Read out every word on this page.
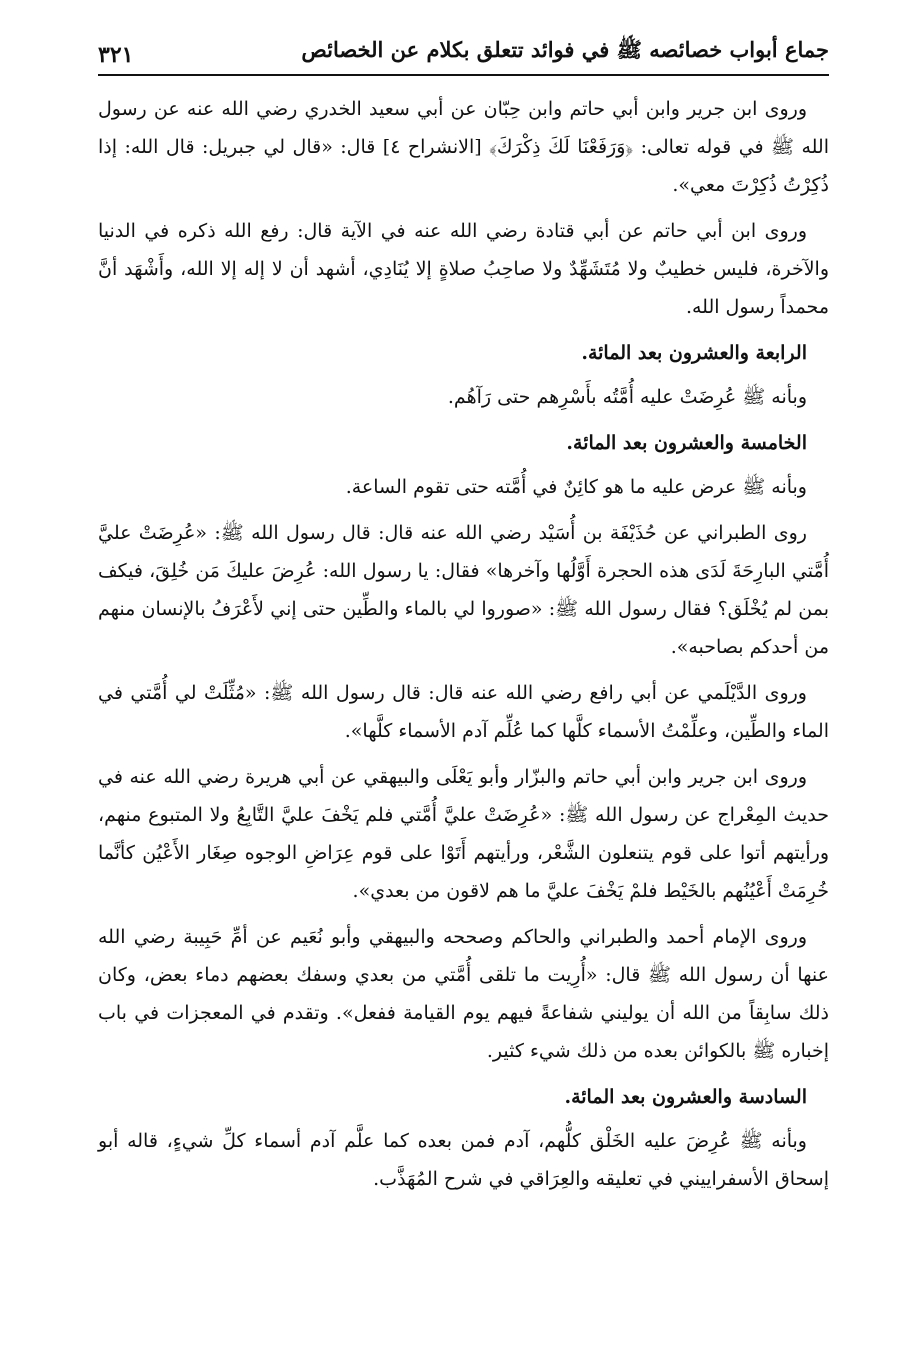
جماع أبواب خصائصه ﷺ في فوائد تتعلق بكلام عن الخصائص
٣٢١

وروى ابن جرير وابن أبي حاتم وابن حِبّان عن أبي سعيد الخدري رضي الله عنه عن رسول الله ﷺ في قوله تعالى: ﴿وَرَفَعْنَا لَكَ ذِكْرَكَ﴾ [الانشراح ٤] قال: «قال لي جبريل: قال الله: إذا ذُكِرْتُ ذُكِرْتَ معي».

وروى ابن أبي حاتم عن أبي قتادة رضي الله عنه في الآية قال: رفع الله ذكره في الدنيا والآخرة، فليس خطيبٌ ولا مُتَشَهِّدٌ ولا صاحِبُ صلاةٍ إلا يُنَادِي، أشهد أن لا إله إلا الله، وأَشْهَد أنَّ محمداً رسول الله.

الرابعة والعشرون بعد المائة.

وبأنه ﷺ عُرِضَتْ عليه أُمَّتُه بأَسْرِهم حتى رَآهُم.

الخامسة والعشرون بعد المائة.

وبأنه ﷺ عرض عليه ما هو كائِنٌ في أُمَّته حتى تقوم الساعة.

روى الطبراني عن حُذَيْفَة بن أُسَيْد رضي الله عنه قال: قال رسول الله ﷺ: «عُرِضَتْ عليَّ أُمَّتي البارِحَةَ لَدَى هذه الحجرة أَوَّلُها وآخرها» فقال: يا رسول الله: عُرِضَ عليكَ مَن خُلِقَ، فيكف بمن لم يُخْلَق؟ فقال رسول الله ﷺ: «صوروا لي بالماء والطِّين حتى إني لأَعْرَفُ بالإنسان منهم من أحدكم بصاحبه».

وروى الدَّيْلَمي عن أبي رافع رضي الله عنه قال: قال رسول الله ﷺ: «مُثِّلَتْ لي أُمَّتي في الماء والطِّين، وعلِّمْتُ الأسماء كلَّها كما عُلِّم آدم الأسماء كلَّها».

وروى ابن جرير وابن أبي حاتم والبزّار وأبو يَعْلَى والبيهقي عن أبي هريرة رضي الله عنه في حديث المِعْراج عن رسول الله ﷺ: «عُرِضَتْ عليَّ أُمَّتي فلم يَخْفَ عليَّ التَّابِعُ ولا المتبوع منهم، ورأيتهم أتوا على قوم يتنعلون الشَّعْر، ورأيتهم أَتَوْا على قوم عِرَاضِ الوجوه صِغَار الأَعْيُن كأنَّما خُرِمَتْ أَعْيُنُهم بالخَيْط فلمْ يَخْفَ عليَّ ما هم لاقون من بعدي».

وروى الإمام أحمد والطبراني والحاكم وصححه والبيهقي وأبو نُعَيم عن أمِّ حَبِيبة رضي الله عنها أن رسول الله ﷺ قال: «أُرِيت ما تلقى أُمَّتي من بعدي وسفك بعضهم دماء بعض، وكان ذلك سابِقاً من الله أن يوليني شفاعةً فيهم يوم القيامة ففعل». وتقدم في المعجزات في باب إخباره ﷺ بالكوائن بعده من ذلك شيء كثير.

السادسة والعشرون بعد المائة.

وبأنه ﷺ عُرِضَ عليه الخَلْق كلُّهم، آدم فمن بعده كما علَّم آدم أسماء كلِّ شيءٍ، قاله أبو إسحاق الأسفراييني في تعليقه والعِرَاقي في شرح المُهَذَّب.
